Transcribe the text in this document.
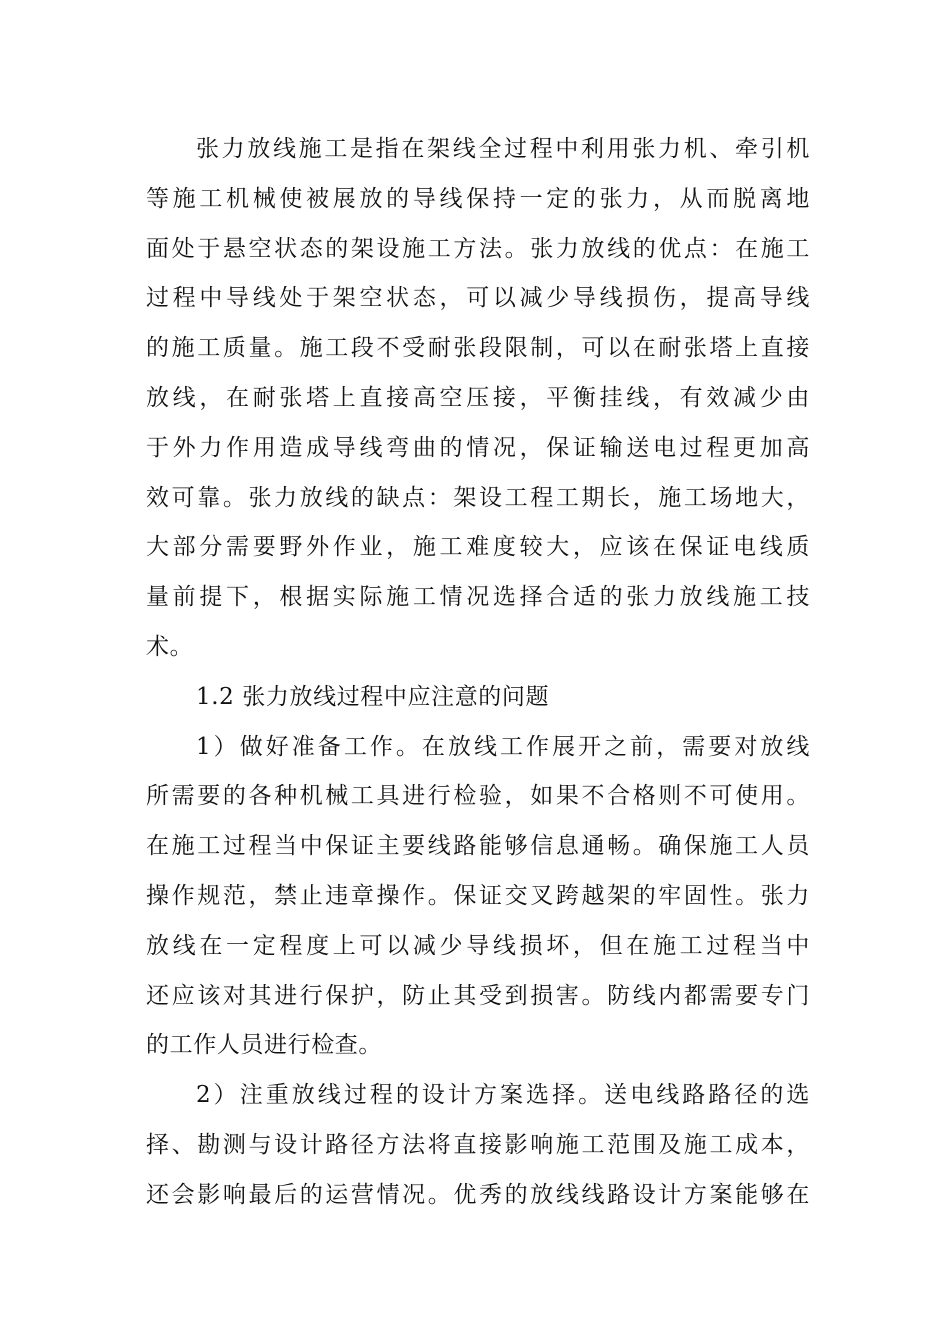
张力放线施工是指在架线全过程中利用张力机、牵引机
等施工机械使被展放的导线保持一定的张力，从而脱离地
面处于悬空状态的架设施工方法。张力放线的优点：在施工
过程中导线处于架空状态，可以减少导线损伤，提高导线
的施工质量。施工段不受耐张段限制，可以在耐张塔上直接
放线，在耐张塔上直接高空压接，平衡挂线，有效减少由
于外力作用造成导线弯曲的情况，保证输送电过程更加高
效可靠。张力放线的缺点：架设工程工期长，施工场地大，
大部分需要野外作业，施工难度较大，应该在保证电线质
量前提下，根据实际施工情况选择合适的张力放线施工技
术。
1.2 张力放线过程中应注意的问题
1）做好准备工作。在放线工作展开之前，需要对放线
所需要的各种机械工具进行检验，如果不合格则不可使用。
在施工过程当中保证主要线路能够信息通畅。确保施工人员
操作规范，禁止违章操作。保证交叉跨越架的牢固性。张力
放线在一定程度上可以减少导线损坏，但在施工过程当中
还应该对其进行保护，防止其受到损害。防线内都需要专门
的工作人员进行检查。
2）注重放线过程的设计方案选择。送电线路路径的选
择、勘测与设计路径方法将直接影响施工范围及施工成本，
还会影响最后的运营情况。优秀的放线线路设计方案能够在
